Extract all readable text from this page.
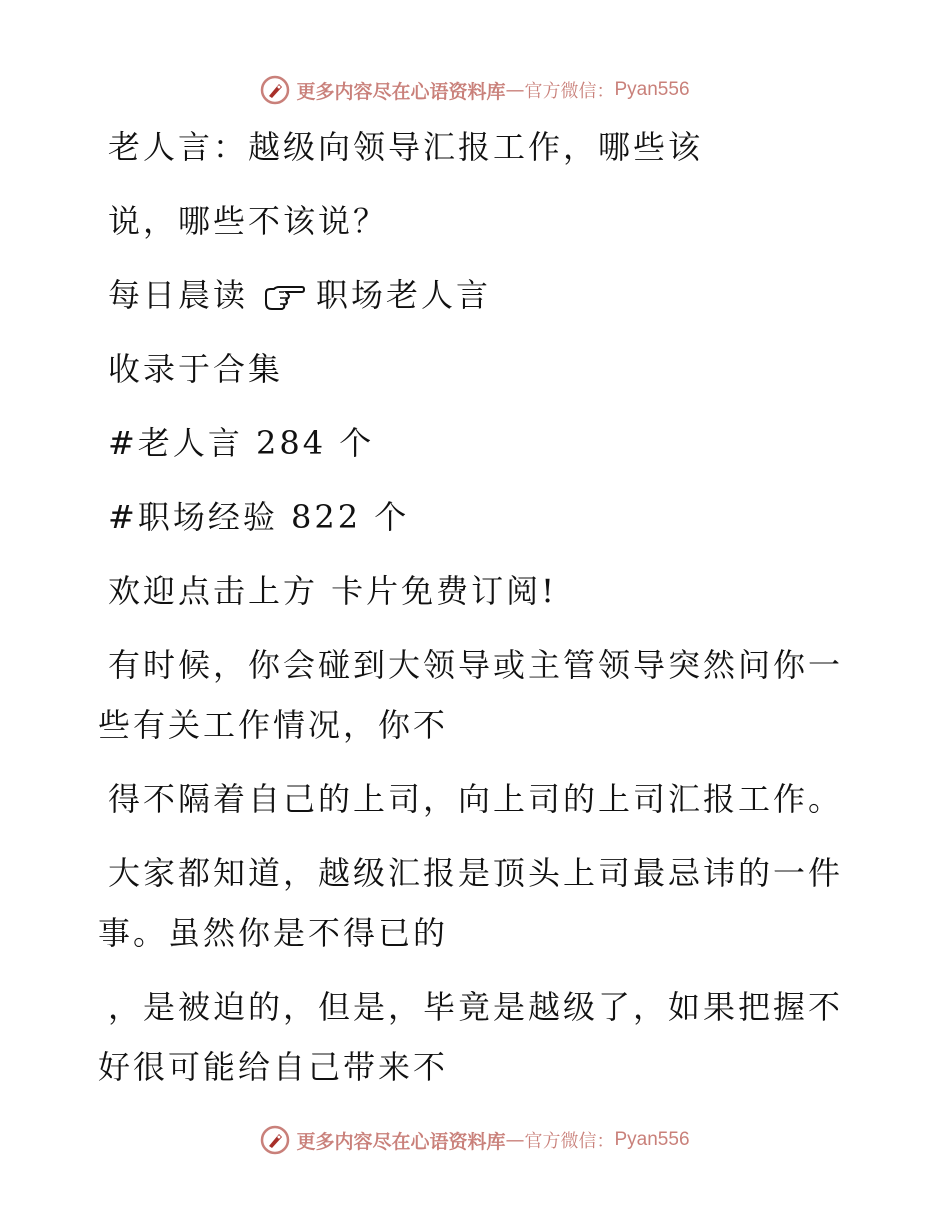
更多内容尽在心语资料库 — 官方微信： Pyan556
老人言：越级向领导汇报工作，哪些该
说，哪些不该说？
每日晨读 职场老人言
收录于合集
#老人言 284 个
#职场经验 822 个
欢迎点击上方 卡片免费订阅!
有时候，你会碰到大领导或主管领导突然问你一
些有关工作情况，你不
得不隔着自己的上司，向上司的上司汇报工作。
大家都知道，越级汇报是顶头上司最忌讳的一件
事。虽然你是不得已的
，是被迫的，但是，毕竟是越级了，如果把握不
好很可能给自己带来不
更多内容尽在心语资料库 — 官方微信： Pyan556
